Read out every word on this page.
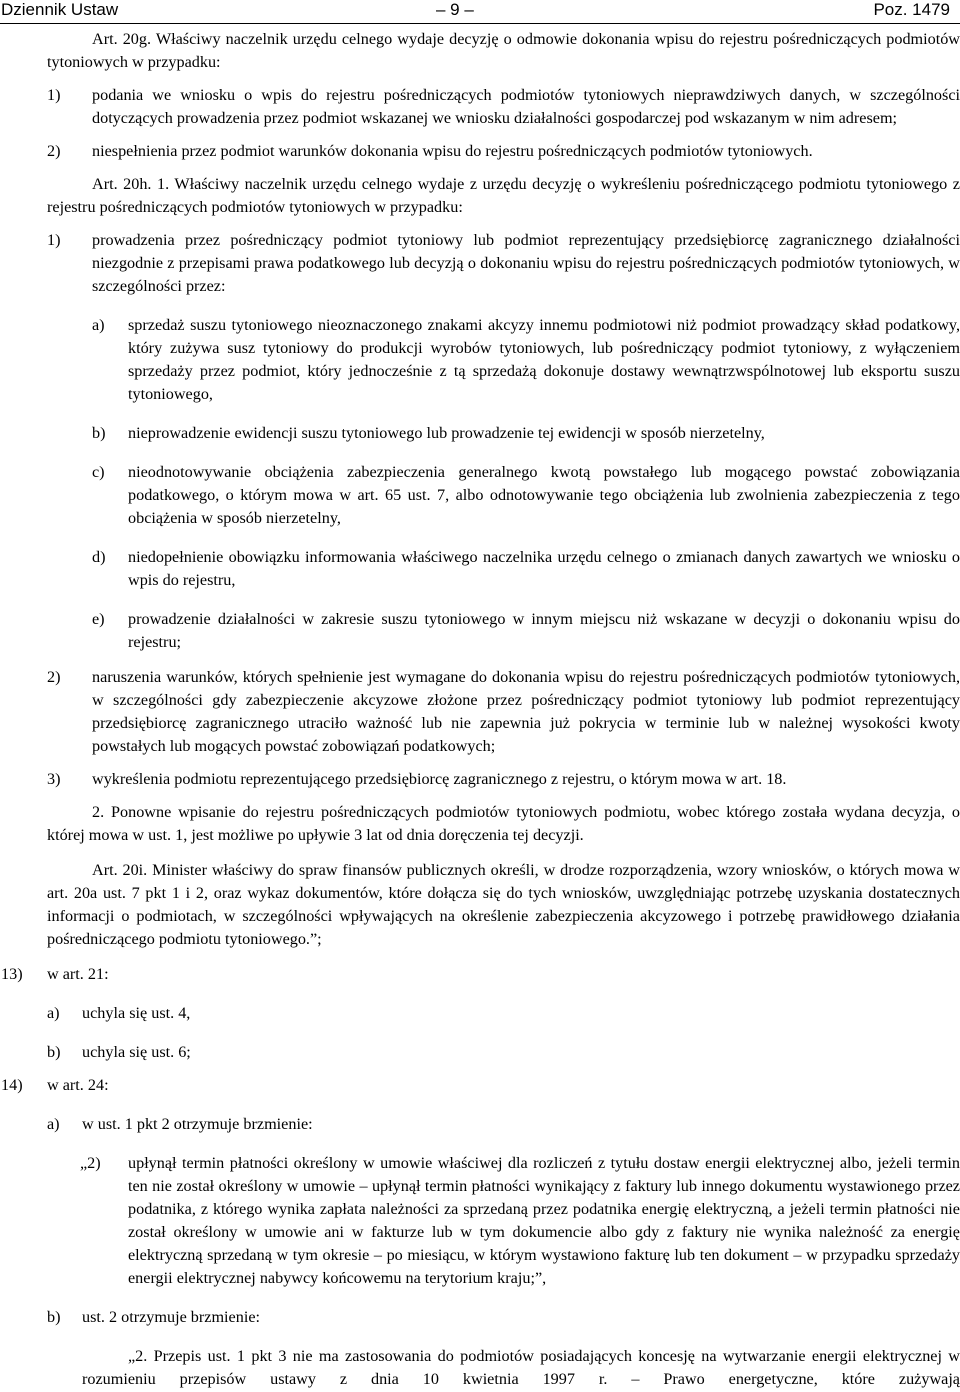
Dziennik Ustaw	– 9 –	Poz. 1479

Art. 20g. Właściwy naczelnik urzędu celnego wydaje decyzję o odmowie dokonania wpisu do rejestru pośredniczących podmiotów tytoniowych w przypadku:

1) podania we wniosku o wpis do rejestru pośredniczących podmiotów tytoniowych nieprawdziwych danych, w szczególności dotyczących prowadzenia przez podmiot wskazanej we wniosku działalności gospodarczej pod wskazanym w nim adresem;
2) niespełnienia przez podmiot warunków dokonania wpisu do rejestru pośredniczących podmiotów tytoniowych.

Art. 20h. 1. Właściwy naczelnik urzędu celnego wydaje z urzędu decyzję o wykreśleniu pośredniczącego podmiotu tytoniowego z rejestru pośredniczących podmiotów tytoniowych w przypadku:

1) prowadzenia przez pośredniczący podmiot tytoniowy lub podmiot reprezentujący przedsiębiorcę zagranicznego działalności niezgodnie z przepisami prawa podatkowego lub decyzją o dokonaniu wpisu do rejestru pośredniczących podmiotów tytoniowych, w szczególności przez:
a) sprzedaż suszu tytoniowego nieoznaczonego znakami akcyzy innemu podmiotowi niż podmiot prowadzący skład podatkowy, który zużywa susz tytoniowy do produkcji wyrobów tytoniowych, lub pośredniczący podmiot tytoniowy, z wyłączeniem sprzedaży przez podmiot, który jednocześnie z tą sprzedażą dokonuje dostawy wewnątrzwspólnotowej lub eksportu suszu tytoniowego,
b) nieprowadzenie ewidencji suszu tytoniowego lub prowadzenie tej ewidencji w sposób nierzetelny,
c) nieodnotowywanie obciążenia zabezpieczenia generalnego kwotą powstałego lub mogącego powstać zobowiązania podatkowego, o którym mowa w art. 65 ust. 7, albo odnotowywanie tego obciążenia lub zwolnienia zabezpieczenia z tego obciążenia w sposób nierzetelny,
d) niedopełnienie obowiązku informowania właściwego naczelnika urzędu celnego o zmianach danych zawartych we wniosku o wpis do rejestru,
e) prowadzenie działalności w zakresie suszu tytoniowego w innym miejscu niż wskazane w decyzji o dokonaniu wpisu do rejestru;
2) naruszenia warunków, których spełnienie jest wymagane do dokonania wpisu do rejestru pośredniczących podmiotów tytoniowych, w szczególności gdy zabezpieczenie akcyzowe złożone przez pośredniczący podmiot tytoniowy lub podmiot reprezentujący przedsiębiorcę zagranicznego utraciło ważność lub nie zapewnia już pokrycia w terminie lub w należnej wysokości kwoty powstałych lub mogących powstać zobowiązań podatkowych;
3) wykreślenia podmiotu reprezentującego przedsiębiorcę zagranicznego z rejestru, o którym mowa w art. 18.

2. Ponowne wpisanie do rejestru pośredniczących podmiotów tytoniowych podmiotu, wobec którego została wydana decyzja, o której mowa w ust. 1, jest możliwe po upływie 3 lat od dnia doręczenia tej decyzji.

Art. 20i. Minister właściwy do spraw finansów publicznych określi, w drodze rozporządzenia, wzory wniosków, o których mowa w art. 20a ust. 7 pkt 1 i 2, oraz wykaz dokumentów, które dołącza się do tych wniosków, uwzględniając potrzebę uzyskania dostatecznych informacji o podmiotach, w szczególności wpływających na określenie zabezpieczenia akcyzowego i potrzebę prawidłowego działania pośredniczącego podmiotu tytoniowego.”;

13) w art. 21:
a) uchyla się ust. 4,
b) uchyla się ust. 6;
14) w art. 24:
a) w ust. 1 pkt 2 otrzymuje brzmienie:
„2) upłynął termin płatności określony w umowie właściwej dla rozliczeń z tytułu dostaw energii elektrycznej albo, jeżeli termin ten nie został określony w umowie – upłynął termin płatności wynikający z faktury lub innego dokumentu wystawionego przez podatnika, z którego wynika zapłata należności za sprzedaną przez podatnika energię elektryczną, a jeżeli termin płatności nie został określony w umowie ani w fakturze lub w tym dokumencie albo gdy z faktury nie wynika należność za energię elektryczną sprzedaną w tym okresie – po miesiącu, w którym wystawiono fakturę lub ten dokument – w przypadku sprzedaży energii elektrycznej nabywcy końcowemu na terytorium kraju;”,
b) ust. 2 otrzymuje brzmienie:

„2. Przepis ust. 1 pkt 3 nie ma zastosowania do podmiotów posiadających koncesję na wytwarzanie energii elektrycznej w rozumieniu przepisów ustawy z dnia 10 kwietnia 1997 r. – Prawo energetyczne, które zużywają
